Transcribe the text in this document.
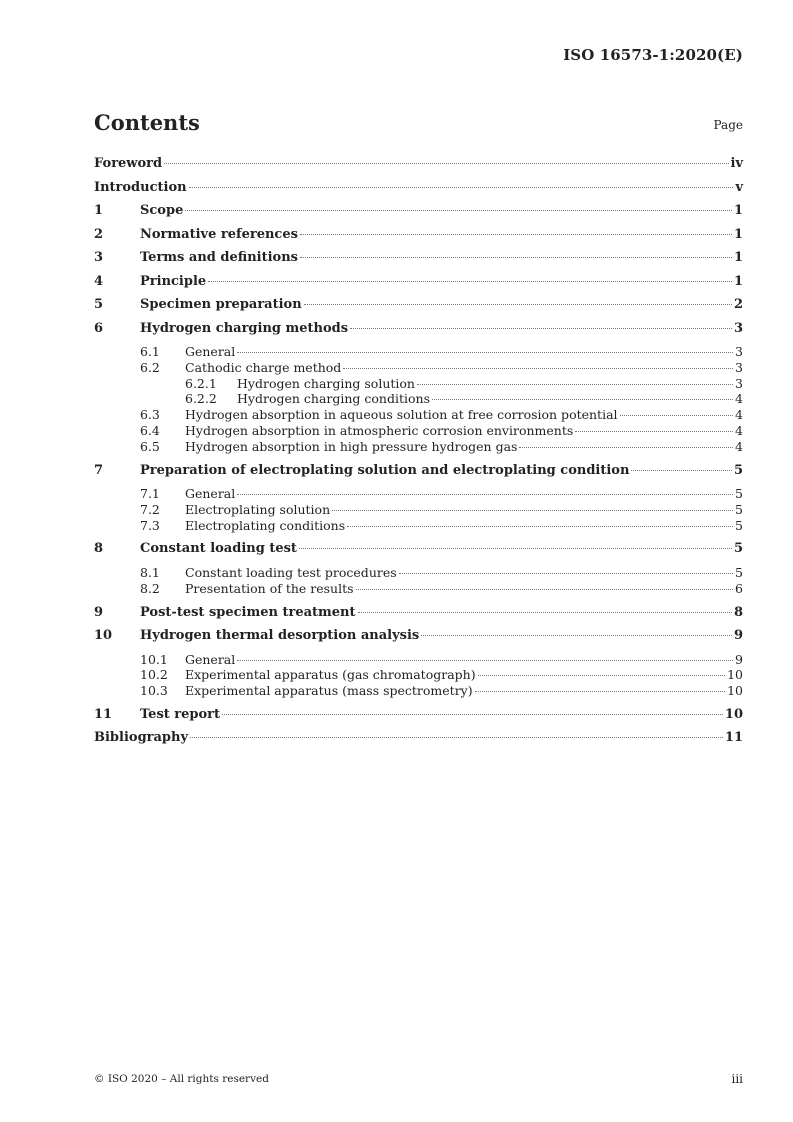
ISO 16573-1:2020(E)
Contents	Page
Foreword	iv
Introduction	v
1	Scope	1
2	Normative references	1
3	Terms and definitions	1
4	Principle	1
5	Specimen preparation	2
6	Hydrogen charging methods	3
6.1	General	3
6.2	Cathodic charge method	3
6.2.1	Hydrogen charging solution	3
6.2.2	Hydrogen charging conditions	4
6.3	Hydrogen absorption in aqueous solution at free corrosion potential	4
6.4	Hydrogen absorption in atmospheric corrosion environments	4
6.5	Hydrogen absorption in high pressure hydrogen gas	4
7	Preparation of electroplating solution and electroplating condition	5
7.1	General	5
7.2	Electroplating solution	5
7.3	Electroplating conditions	5
8	Constant loading test	5
8.1	Constant loading test procedures	5
8.2	Presentation of the results	6
9	Post-test specimen treatment	8
10	Hydrogen thermal desorption analysis	9
10.1	General	9
10.2	Experimental apparatus (gas chromatograph)	10
10.3	Experimental apparatus (mass spectrometry)	10
11	Test report	10
Bibliography	11
© ISO 2020 – All rights reserved	iii
